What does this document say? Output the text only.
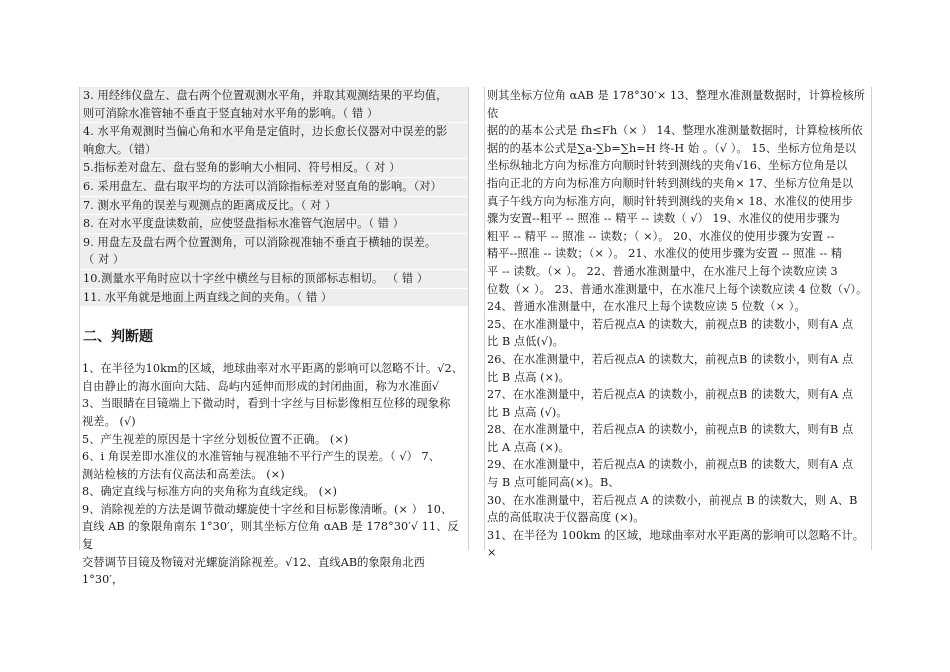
3. 用经纬仪盘左、盘右两个位置观测水平角，并取其观测结果的平均值，
则可消除水准管轴不垂直于竖直轴对水平角的影响。（ 错 ）
4. 水平角观测时当偏心角和水平角是定值时，边长愈长仪器对中误差的影
响愈大。（错）
5.指标差对盘左、盘右竖角的影响大小相同、符号相反。（ 对 ）
6. 采用盘左、盘右取平均的方法可以消除指标差对竖直角的影响。（对）
7. 测水平角的误差与观测点的距离成反比。（ 对 ）
8. 在对水平度盘读数前，应使竖盘指标水准管气泡居中。（ 错 ）
9. 用盘左及盘右两个位置测角，可以消除视准轴不垂直于横轴的误差。
（ 对 ）
10.测量水平角时应以十字丝中横丝与目标的顶部标志相切。 （ 错 ）
11. 水平角就是地面上两直线之间的夹角。（ 错 ）
二、判断题
1、在半径为10km的区域，地球曲率对水平距离的影响可以忽略不计。√2、
自由静止的海水面向大陆、岛屿内延伸而形成的封闭曲面，称为水准面√
3、当眼睛在目镜端上下微动时，看到十字丝与目标影像相互位移的现象称
视差。 (√)
5、产生视差的原因是十字丝分划板位置不正确。 (×)
6、i 角误差即水准仪的水准管轴与视准轴不平行产生的误差。（ √） 7、
测站检核的方法有仪高法和高差法。 (×)
8、确定直线与标准方向的夹角称为直线定线。 (×)
9、消除视差的方法是调节微动螺旋使十字丝和目标影像清晰。(× ） 10、
直线 AB 的象限角南东 1°30′，则其坐标方位角 αAB 是 178°30′√ 11、反复
交替调节目镜及物镜对光螺旋消除视差。√12、直线AB的象限角北西1°30′，
则其坐标方位角 αAB 是 178°30′× 13、整理水准测量数据时，计算检核所依
据的的基本公式是 fh≤Fh（× ） 14、整理水准测量数据时，计算检核所依
据的的基本公式是∑a-∑b=∑h=H 终-H 始 。（√ ）。 15、坐标方位角是以
坐标纵轴北方向为标准方向顺时针转到测线的夹角√16、坐标方位角是以
指向正北的方向为标准方向顺时针转到测线的夹角× 17、坐标方位角是以
真子午线方向为标准方向，顺时针转到测线的夹角× 18、水准仪的使用步
骤为安置--粗平 -- 照准 -- 精平 -- 读数（ √） 19、水准仪的使用步骤为
粗平 -- 精平 -- 照准 -- 读数；（ ×）。 20、水准仪的使用步骤为安置 --
精平--照准 -- 读数；（× ）。 21、水准仪的使用步骤为安置 -- 照准 -- 精
平 -- 读数。（× ）。 22、普通水准测量中，在水准尺上每个读数应读 3
位数（× ）。 23、普通水准测量中，在水准尺上每个读数应读 4 位数（√）。
24、普通水准测量中，在水准尺上每个读数应读 5 位数（× ）。
25、在水准测量中，若后视点A 的读数大，前视点B 的读数小，则有A 点
比 B 点低(√)。
26、在水准测量中，若后视点A 的读数大，前视点B 的读数小，则有A 点
比 B 点高 (×)。
27、在水准测量中，若后视点A 的读数小，前视点B 的读数大，则有A 点
比 B 点高 (√)。
28、在水准测量中，若后视点A 的读数小，前视点B 的读数大，则有B 点
比 A 点高 (×)。
29、在水准测量中，若后视点A 的读数小，前视点B 的读数大，则有A 点
与 B 点可能同高(×)。B、
30、在水准测量中，若后视点 A 的读数小，前视点 B 的读数大，则 A、B
点的高低取决于仪器高度 (×)。
31、在半径为 100km 的区域，地球曲率对水平距离的影响可以忽略不计。
×
